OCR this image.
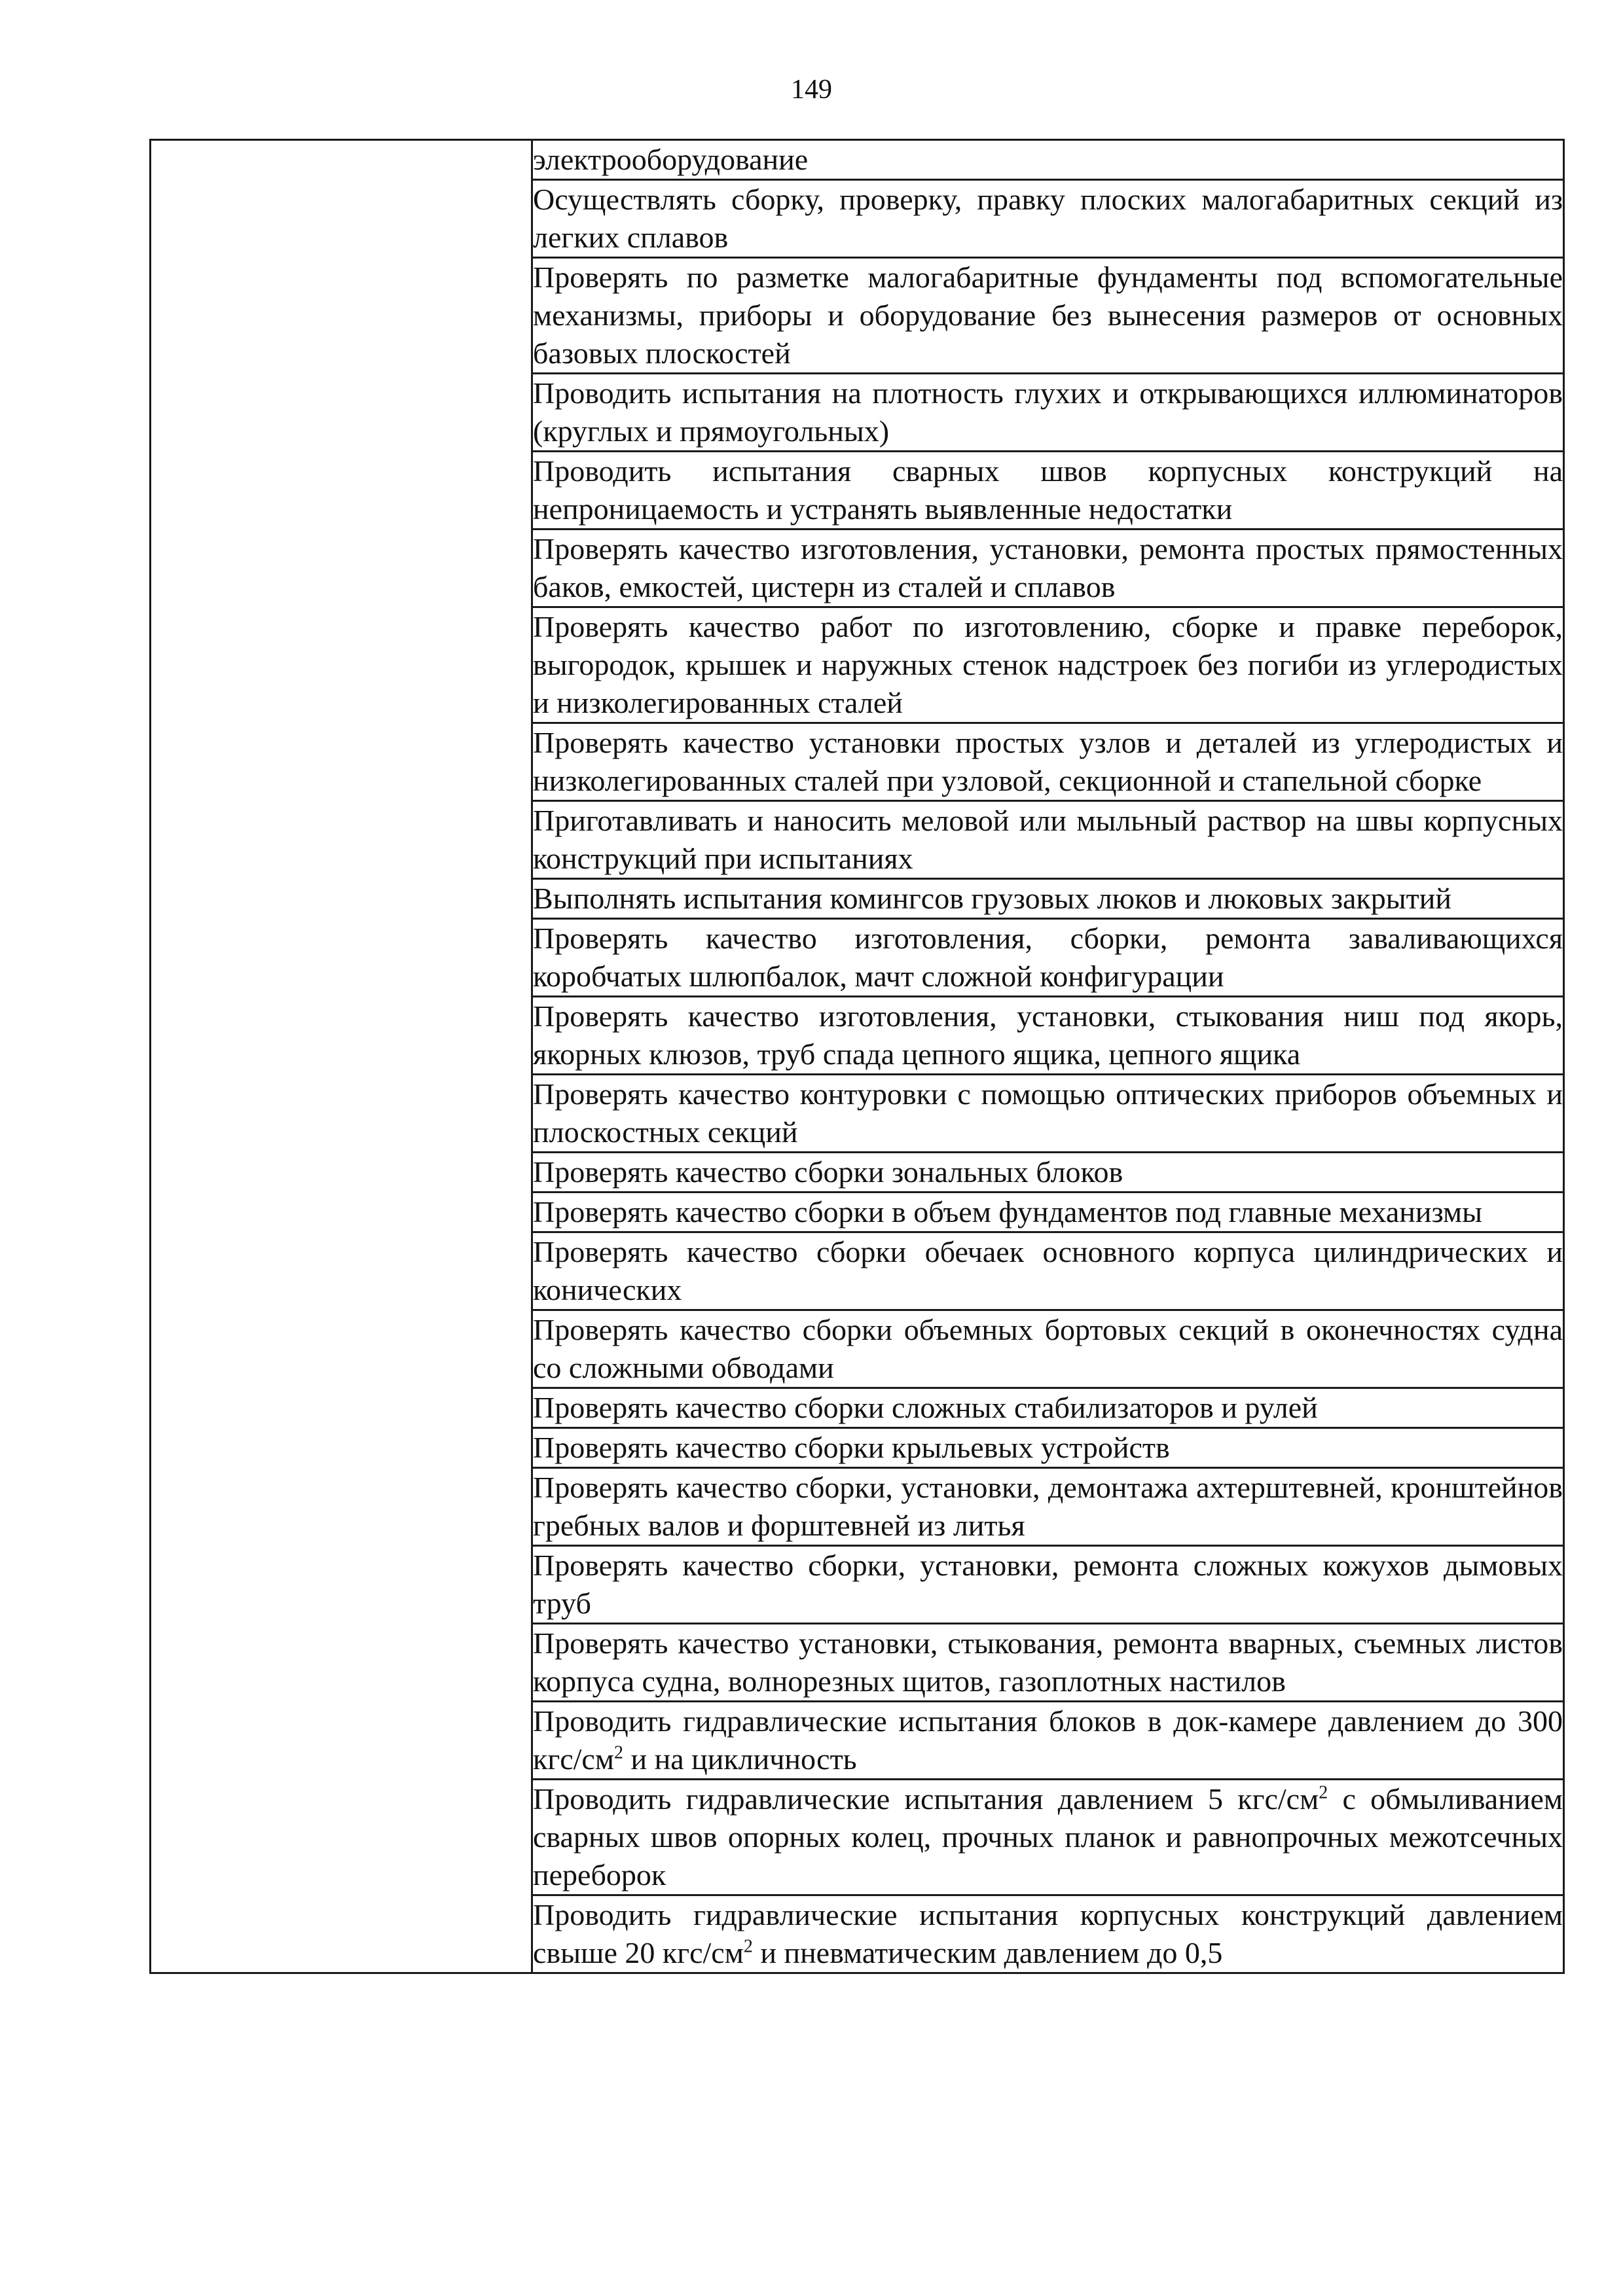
149
	электрооборудование
Осуществлять сборку, проверку, правку плоских малогабаритных секций из легких сплавов
Проверять по разметке малогабаритные фундаменты под вспомогательные механизмы, приборы и оборудование без вынесения размеров от основных базовых плоскостей
Проводить испытания на плотность глухих и открывающихся иллюминаторов (круглых и прямоугольных)
Проводить испытания сварных швов корпусных конструкций на непроницаемость и устранять выявленные недостатки
Проверять качество изготовления, установки, ремонта простых прямостенных баков, емкостей, цистерн из сталей и сплавов
Проверять качество работ по изготовлению, сборке и правке переборок, выгородок, крышек и наружных стенок надстроек без погиби из углеродистых и низколегированных сталей
Проверять качество установки простых узлов и деталей из углеродистых и низколегированных сталей при узловой, секционной и стапельной сборке
Приготавливать и наносить меловой или мыльный раствор на швы корпусных конструкций при испытаниях
Выполнять испытания комингсов грузовых люков и люковых закрытий
Проверять качество изготовления, сборки, ремонта заваливающихся коробчатых шлюпбалок, мачт сложной конфигурации
Проверять качество изготовления, установки, стыкования ниш под якорь, якорных клюзов, труб спада цепного ящика, цепного ящика
Проверять качество контуровки с помощью оптических приборов объемных и плоскостных секций
Проверять качество сборки зональных блоков
Проверять качество сборки в объем фундаментов под главные механизмы
Проверять качество сборки обечаек основного корпуса цилиндрических и конических
Проверять качество сборки объемных бортовых секций в оконечностях судна со сложными обводами
Проверять качество сборки сложных стабилизаторов и рулей
Проверять качество сборки крыльевых устройств
Проверять качество сборки, установки, демонтажа ахтерштевней, кронштейнов гребных валов и форштевней из литья
Проверять качество сборки, установки, ремонта сложных кожухов дымовых труб
Проверять качество установки, стыкования, ремонта вварных, съемных листов корпуса судна, волнорезных щитов, газоплотных настилов
Проводить гидравлические испытания блоков в док-камере давлением до 300 кгс/$см^2$ и на цикличность
Проводить гидравлические испытания давлением 5 кгс/$см^2$ с обмыливанием сварных швов опорных колец, прочных планок и равнопрочных межотсечных переборок
Проводить гидравлические испытания корпусных конструкций давлением свыше 20 кгс/$см^2$ и пневматическим давлением до 0,5
